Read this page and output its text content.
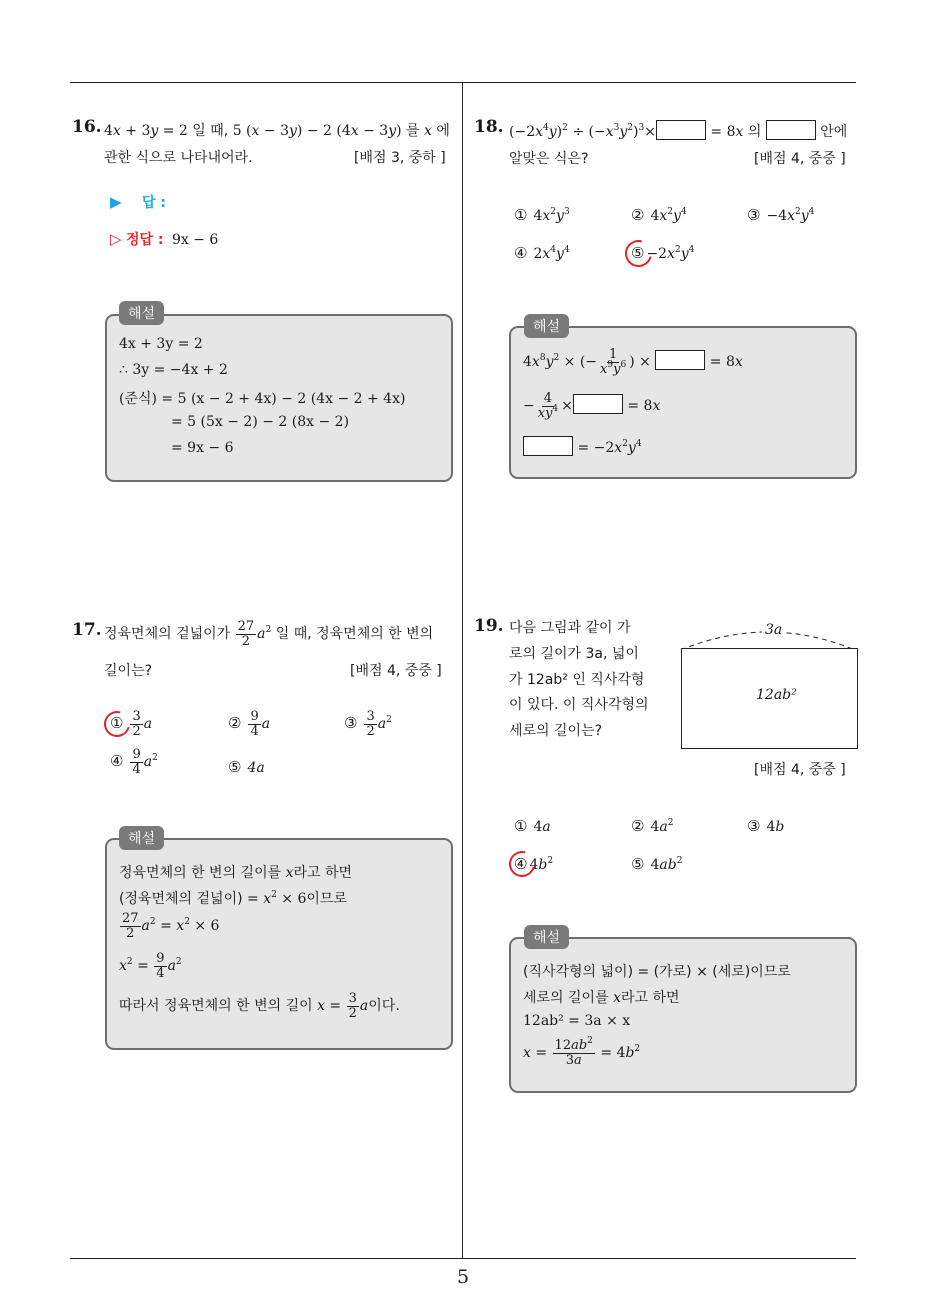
5
16. 4x + 3y = 2 일 때, 5 (x − 3y) − 2 (4x − 3y) 를 x 에
관한 식으로 나타내어라.	[배점 3, 중하 ]
▶ 답 :
▷ 정답 : 9x − 6
4x + 3y = 2
∴ 3y = −4x + 2
(준식) = 5 (x − 2 + 4x) − 2 (4x − 2 + 4x)
= 5 (5x − 2) − 2 (8x − 2)
= 9x − 6
해설
17. 정육면체의 겉넓이가 $\frac{27}{2} a^2$ 일 때, 정육면체의 한 변의
길이는?	[배점 4, 중중 ]
① $\frac{3}{2}$ a	② $\frac{9}{4}$ a	③ $\frac{3}{2} a^2$
④ $\frac{9}{4} a^2$	⑤ 4a
정육면체의 한 변의 길이를 x라고 하면
(정육면체의 겉넓이) = $x^2 \times 6$이므로
$\frac{27}{2} a^2 = x^2 \times 6$
$x^2 = \frac{9}{4} a^2$
따라서 정육면체의 한 변의 길이 $x = \frac{3}{2}$ a이다.
해설
18. $(-2x^4y)^2 \div (-x^3y^2)^3\times$	= 8x 의	안에
알맞은 식은?	[배점 4, 중중 ]
① $4x^2y^3$	② $4x^2y^4$	③ $-4x^2y^4$
④ $2x^4y^4$	⑤ $-2x^2y^4$
$4x^8y^2$ × (− $\frac{1}{x^9y^6}$ ) ×	= 8x
− $\frac{4}{xy^4}$ ×	= 8x
= $-2x^2y^4$
해설
19. 다음 그림과 같이 가
로의 길이가 3a, 넓이
가 12ab² 인 직사각형
이 있다. 이 직사각형의
세로의 길이는?
3a
12ab²
[배점 4, 중중 ]
① 4a	② $4a^2$	③ 4b
④ $4b^2$	⑤ $4ab^2$
(직사각형의 넓이) = (가로) × (세로)이므로
세로의 길이를 x라고 하면
12ab² = 3a × x
$x = \frac{12ab^2}{3a} = 4b^2$
해설
